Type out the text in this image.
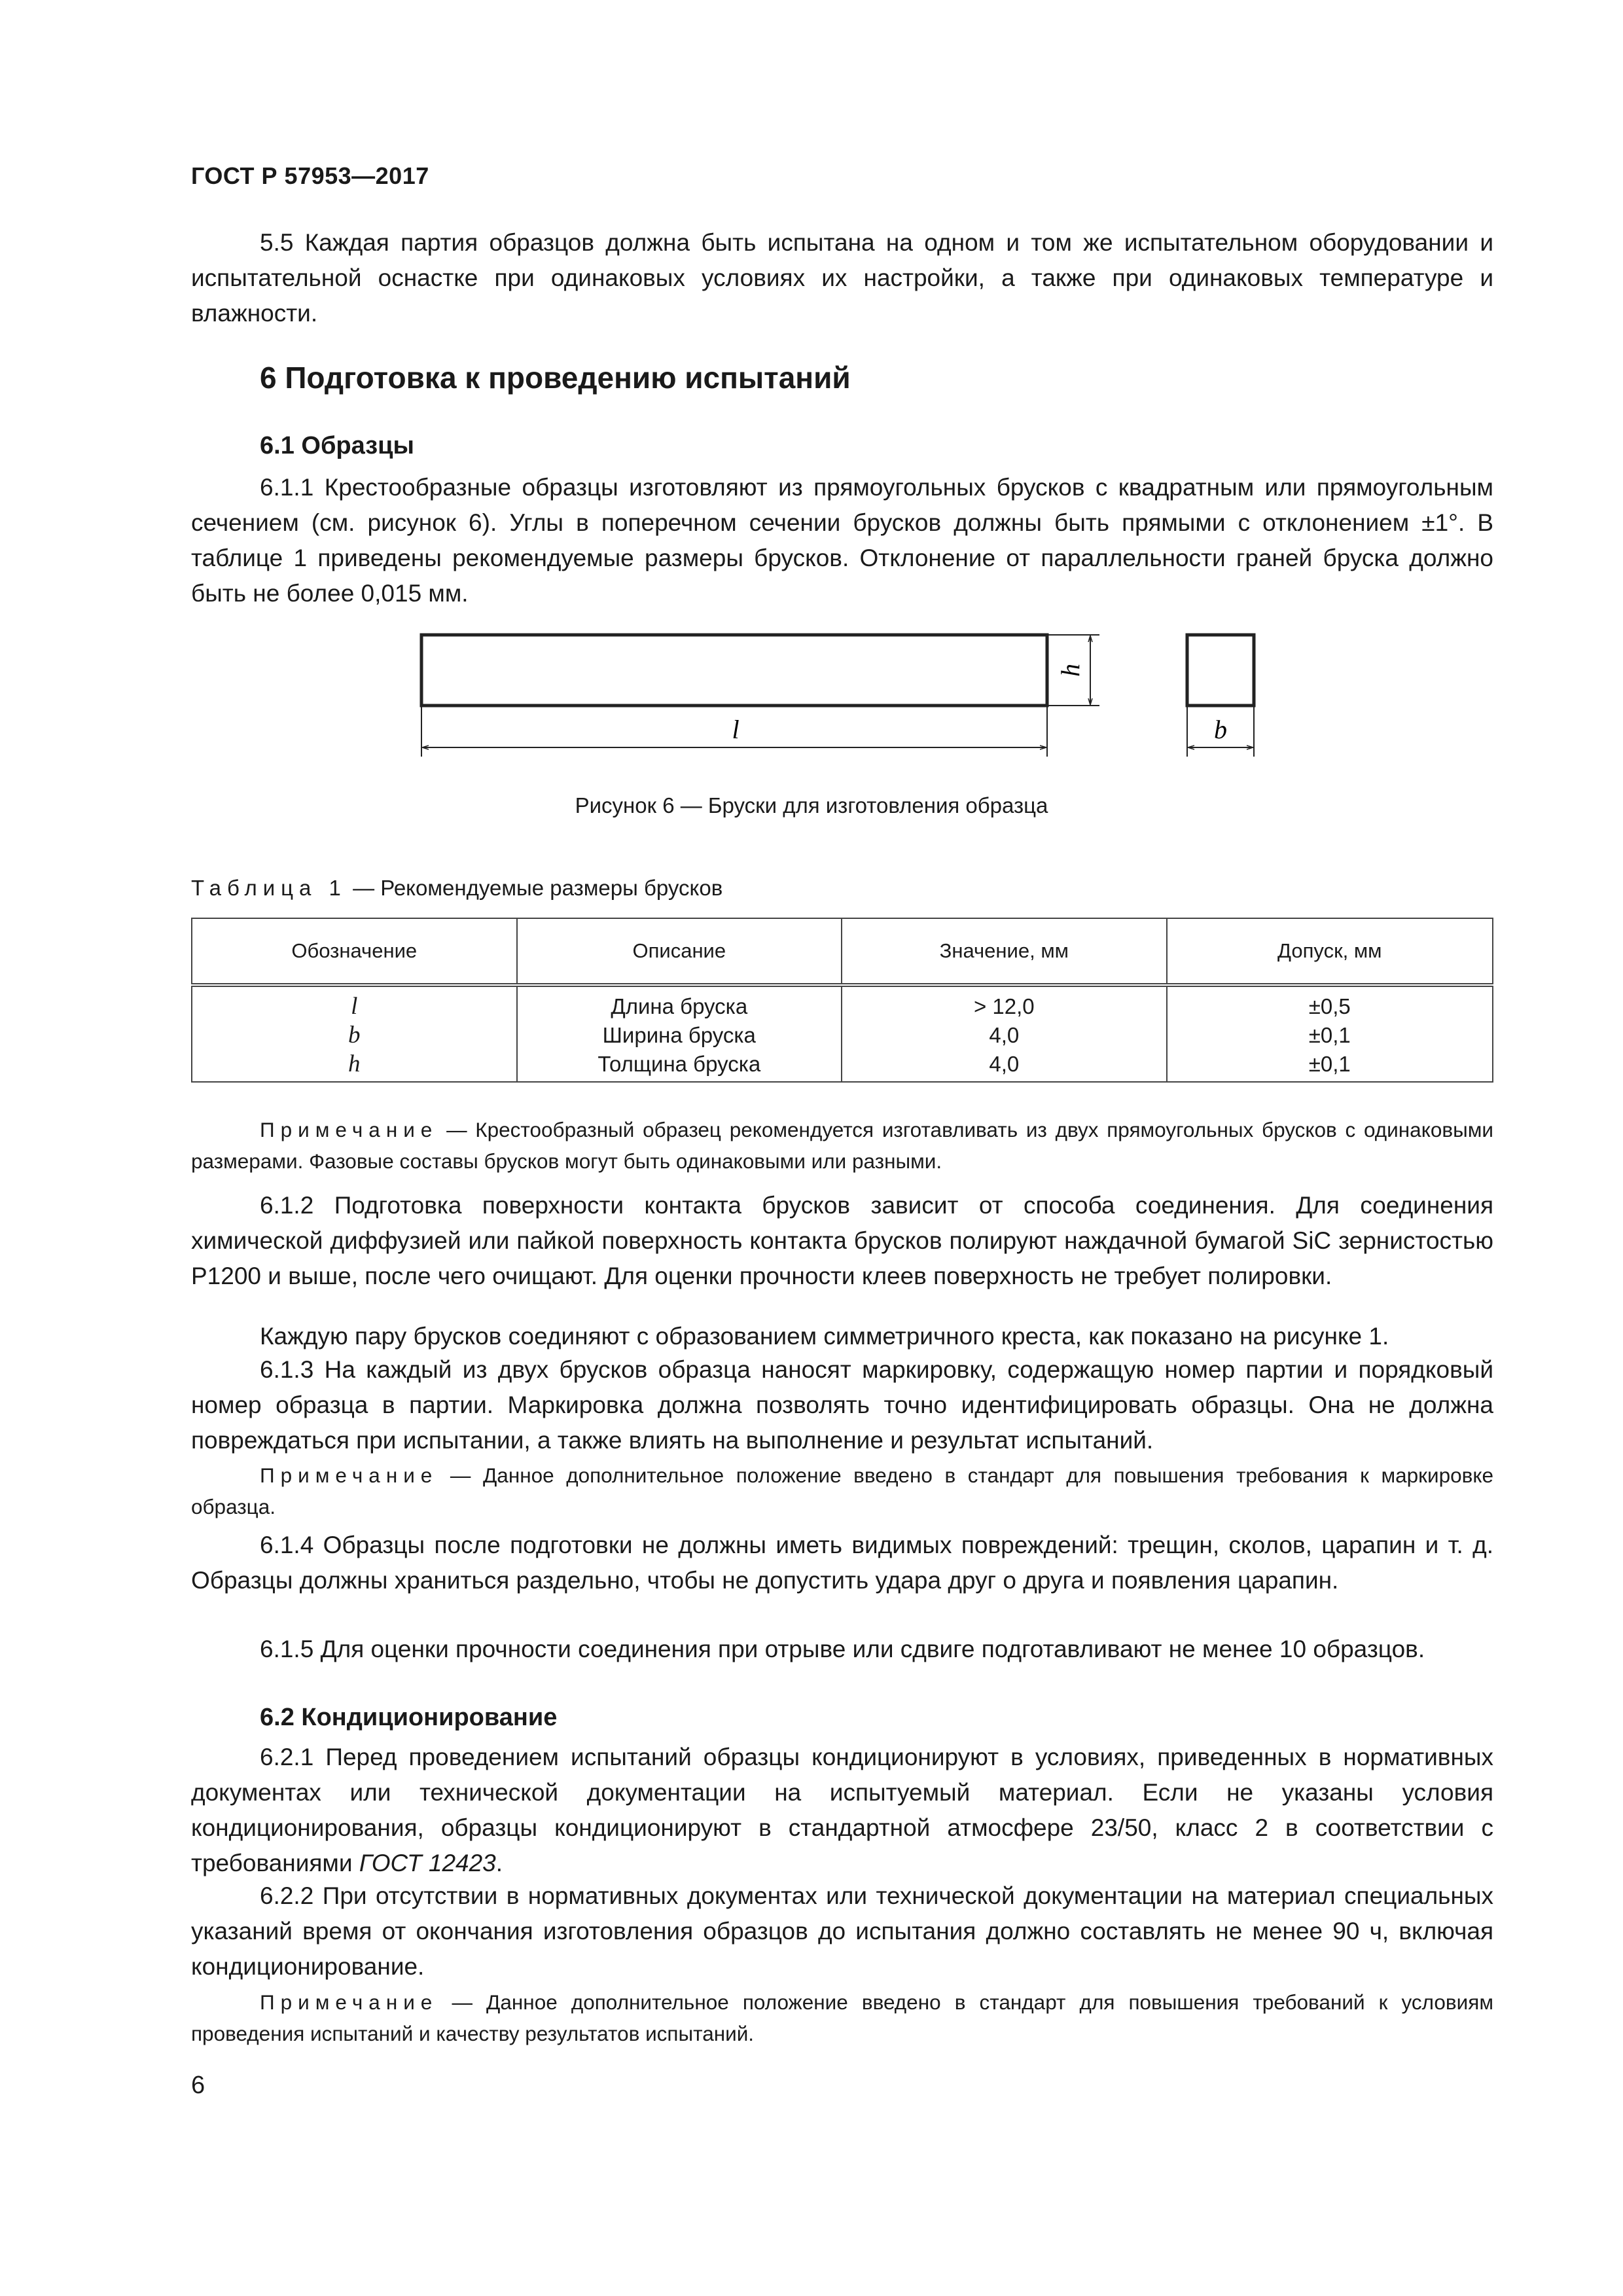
ГОСТ Р 57953—2017
5.5 Каждая партия образцов должна быть испытана на одном и том же испытательном оборудовании и испытательной оснастке при одинаковых условиях их настройки, а также при одинаковых температуре и влажности.
6 Подготовка к проведению испытаний
6.1 Образцы
6.1.1 Крестообразные образцы изготовляют из прямоугольных брусков с квадратным или прямоугольным сечением (см. рисунок 6). Углы в поперечном сечении брусков должны быть прямыми с отклонением ±1°. В таблице 1 приведены рекомендуемые размеры брусков. Отклонение от параллельности граней бруска должно быть не более 0,015 мм.
l
h
b
Рисунок 6 — Бруски для изготовления образца
Таблица 1 — Рекомендуемые размеры брусков
Обозначение	Описание	Значение, мм	Допуск, мм
l	Длина бруска	> 12,0	±0,5
b	Ширина бруска	4,0	±0,1
h	Толщина бруска	4,0	±0,1
Примечание — Крестообразный образец рекомендуется изготавливать из двух прямоугольных брусков с одинаковыми размерами. Фазовые составы брусков могут быть одинаковыми или разными.
6.1.2 Подготовка поверхности контакта брусков зависит от способа соединения. Для соединения химической диффузией или пайкой поверхность контакта брусков полируют наждачной бумагой SiC зернистостью Р1200 и выше, после чего очищают. Для оценки прочности клеев поверхность не требует полировки.
Каждую пару брусков соединяют с образованием симметричного креста, как показано на рисунке 1.
6.1.3 На каждый из двух брусков образца наносят маркировку, содержащую номер партии и порядковый номер образца в партии. Маркировка должна позволять точно идентифицировать образцы. Она не должна повреждаться при испытании, а также влиять на выполнение и результат испытаний.
Примечание — Данное дополнительное положение введено в стандарт для повышения требования к маркировке образца.
6.1.4 Образцы после подготовки не должны иметь видимых повреждений: трещин, сколов, царапин и т. д. Образцы должны храниться раздельно, чтобы не допустить удара друг о друга и появления царапин.
6.1.5 Для оценки прочности соединения при отрыве или сдвиге подготавливают не менее 10 образцов.
6.2 Кондиционирование
6.2.1 Перед проведением испытаний образцы кондиционируют в условиях, приведенных в нормативных документах или технической документации на испытуемый материал. Если не указаны условия кондиционирования, образцы кондиционируют в стандартной атмосфере 23/50, класс 2 в соответствии с требованиями ГОСТ 12423.
6.2.2 При отсутствии в нормативных документах или технической документации на материал специальных указаний время от окончания изготовления образцов до испытания должно составлять не менее 90 ч, включая кондиционирование.
Примечание — Данное дополнительное положение введено в стандарт для повышения требований к условиям проведения испытаний и качеству результатов испытаний.
6
